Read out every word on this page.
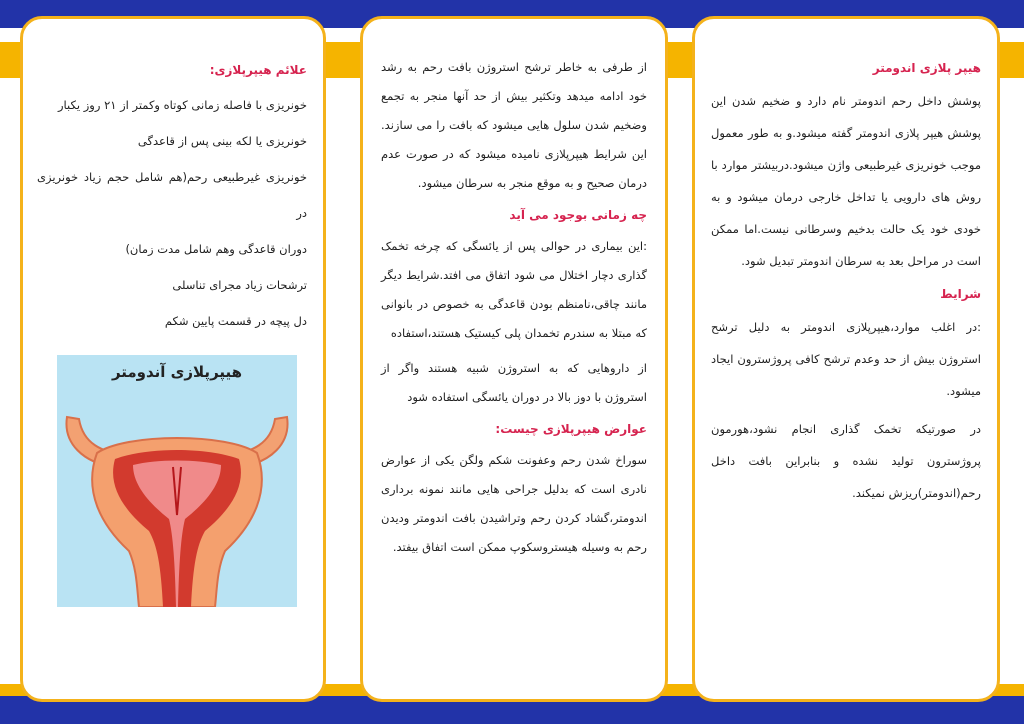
علائم هیپرپلازی:

خونریزی با فاصله زمانی کوتاه وکمتر از ۲۱ روز یکبار

خونریزی یا لکه بینی پس از قاعدگی

خونریزی غیرطبیعی رحم(هم شامل حجم زیاد خونریزی در

دوران قاعدگی وهم شامل مدت زمان)

ترشحات زیاد مجرای تناسلی

دل پیچه در قسمت پایین شکم

هیپرپلازی آندومتر

از طرفی به خاطر ترشح استروژن بافت رحم به رشد خود ادامه میدهد وتکثیر بیش از حد آنها منجر به تجمع وضخیم شدن سلول هایی میشود که بافت را می سازند. این شرایط هیپرپلازی نامیده میشود که در صورت عدم درمان صحیح و به موقع منجر به سرطان میشود.

چه زمانی بوجود می آید

:این بیماری در حوالی پس از یائسگی که چرخه تخمک گذاری دچار اختلال می شود اتفاق می افتد.شرایط دیگر مانند چاقی،نامنظم بودن قاعدگی به خصوص در بانوانی که مبتلا به سندرم تخمدان پلی کیستیک هستند،استفاده

از داروهایی که به استروژن شبیه هستند واگر از استروژن با دوز بالا در دوران یائسگی استفاده شود

عوارض هیپرپلازی چیست:

سوراخ شدن رحم وعفونت شکم ولگن یکی از عوارض نادری است که بدلیل جراحی هایی مانند نمونه برداری اندومتر،گشاد کردن رحم وتراشیدن بافت اندومتر ودیدن رحم به وسیله هیستروسکوپ ممکن است اتفاق بیفتد.

هیپر پلازی اندومتر

پوشش داخل رحم اندومتر نام دارد و ضخیم شدن این پوشش هیپر پلازی اندومتر گفته میشود.و به طور معمول موجب خونریزی غیرطبیعی واژن میشود.دربیشتر موارد با روش های دارویی یا تداخل خارجی درمان میشود و به خودی خود یک حالت بدخیم وسرطانی نیست.اما ممکن است در مراحل بعد به سرطان اندومتر تبدیل شود.

شرایط

:در اغلب موارد،هیپرپلازی اندومتر به دلیل ترشح استروژن بیش از حد وعدم ترشح کافی پروژسترون ایجاد میشود.

در صورتیکه تخمک گذاری انجام نشود،هورمون پروژسترون تولید نشده و بنابراین بافت داخل رحم(اندومتر)ریزش نمیکند.
